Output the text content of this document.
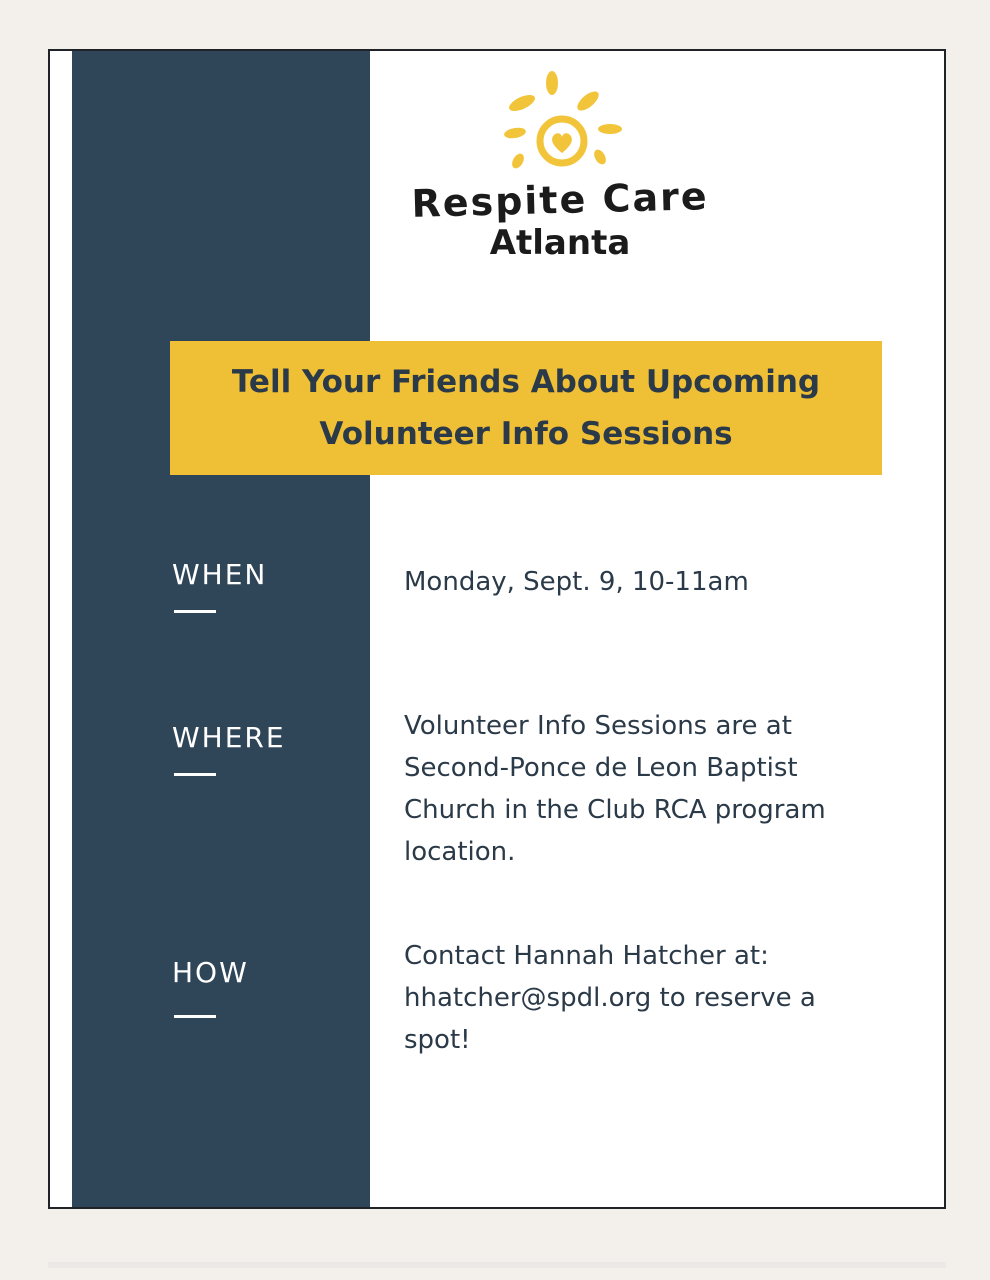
Respite Care
Atlanta
Tell Your Friends About Upcoming Volunteer Info Sessions
WHEN	Monday, Sept. 9, 10-11am
WHERE	Volunteer Info Sessions are at Second-Ponce de Leon Baptist Church in the Club RCA program location.
HOW	Contact Hannah Hatcher at: hhatcher@spdl.org to reserve a spot!
